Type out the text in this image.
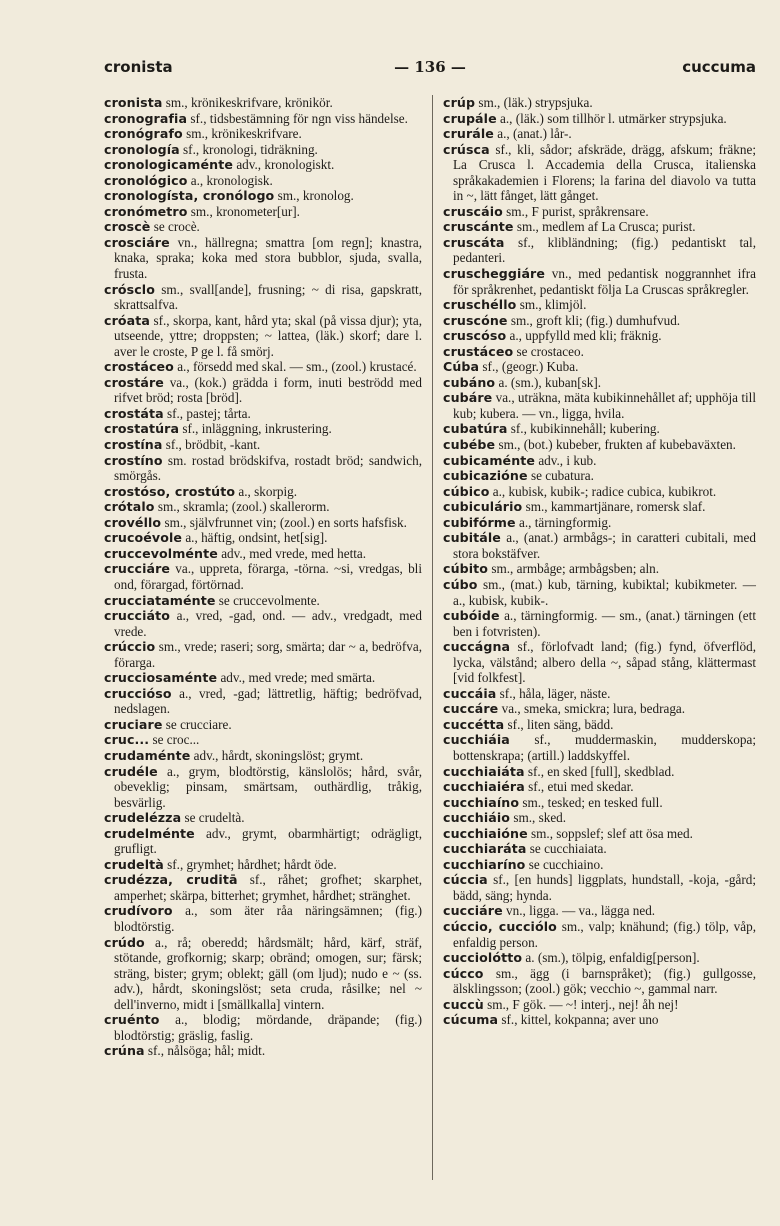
cronista	— 136 —	cuccuma

cronista sm., krönikeskrifvare, krönikör.

cronografia sf., tidsbestämning för ngn viss händelse.

cronógrafo sm., krönikeskrifvare.

cronología sf., kronologi, tidräkning.

cronologicaménte adv., kronologiskt.

cronológico a., kronologisk.

cronologísta, cronólogo sm., kronolog.

cronómetro sm., kronometer[ur].

croscè se crocè.

crosciáre vn., hällregna; smattra [om regn]; knastra, knaka, spraka; koka med stora bubblor, sjuda, svalla, frusta.

crósclo sm., svall[ande], frusning; ~ di risa, gapskratt, skrattsalfva.

cróata sf., skorpa, kant, hård yta; skal (på vissa djur); yta, utseende, yttre; droppsten; ~ lattea, (läk.) skorf; dare l. aver le croste, P ge l. få smörj.

crostáceo a., försedd med skal. — sm., (zool.) krustacé.

crostáre va., (kok.) grädda i form, inuti beströdd med rifvet bröd; rosta [bröd].

crostáta sf., pastej; tårta.

crostatúra sf., inläggning, inkrustering.

crostína sf., brödbit, -kant.

crostíno sm. rostad brödskifva, rostadt bröd; sandwich, smörgås.

crostóso, crostúto a., skorpig.

crótalo sm., skramla; (zool.) skallerorm.

crovéllo sm., självfrunnet vin; (zool.) en sorts hafsfisk.

crucoévole a., häftig, ondsint, het[sig].

cruccevolménte adv., med vrede, med hetta.

crucciáre va., uppreta, förarga, -törna. ~si, vredgas, bli ond, förargad, förtörnad.

crucciataménte se cruccevolmente.

crucciáto a., vred, -gad, ond. — adv., vredgadt, med vrede.

crúccio sm., vrede; raseri; sorg, smärta; dar ~ a, bedröfva, förarga.

crucciosaménte adv., med vrede; med smärta.

crucciósо a., vred, -gad; lättretlig, häftig; bedröfvad, nedslagen.

cruciare se crucciare.

cruc... se croc...

crudaménte adv., hårdt, skoningslöst; grymt.

crudéle a., grym, blodtörstig, känslolös; hård, svår, obeveklig; pinsam, smärtsam, outhärdlig, tråkig, besvärlig.

crudelézza se crudeltà.

crudelménte adv., grymt, obarmhärtigt; odrägligt, grufligt.

crudeltà sf., grymhet; hårdhet; hårdt öde.

crudézza, cruditā sf., råhet; grofhet; skarphet, amperhet; skärpa, bitterhet; grymhet, hårdhet; stränghet.

crudívoro a., som äter råa näringsämnen; (fig.) blodtörstig.

crúdo a., rå; oberedd; hårdsmält; hård, kärf, sträf, stötande, grofkornig; skarp; obränd; omogen, sur; färsk; sträng, bister; grym; oblekt; gäll (om ljud); nudo e ~ (ss. adv.), hårdt, skoningslöst; seta cruda, råsilke; nel ~ dell'inverno, midt i [smällkalla] vintern.

cruénto a., blodig; mördande, dräpande; (fig.) blodtörstig; gräslig, faslig.

crúna sf., nålsöga; hål; midt.

crúp sm., (läk.) strypsjuka.

crupále a., (läk.) som tillhör l. utmärker strypsjuka.

crurále a., (anat.) lår-.

crúsca sf., kli, sådor; afskräde, drägg, afskum; fräkne; La Crusca l. Accademia della Crusca, italienska språkakademien i Florens; la farina del diavolo va tutta in ~, lätt fånget, lätt gånget.

cruscáio sm., F purist, språkrensare.

cruscánte sm., medlem af La Crusca; purist.

cruscáta sf., klibländning; (fig.) pedantiskt tal, pedanteri.

cruscheggiáre vn., med pedantisk noggrannhet ifra för språkrenhet, pedantiskt följa La Cruscas språkregler.

cruschéllo sm., klimjöl.

cruscóne sm., groft kli; (fig.) dumhufvud.

cruscóso a., uppfylld med kli; fräknig.

crustáceo se crostaceo.

Cúba sf., (geogr.) Kuba.

cubáno a. (sm.), kuban[sk].

cubáre va., uträkna, mäta kubikinnehållet af; upphöja till kub; kubera. — vn., ligga, hvila.

cubatúra sf., kubikinnehåll; kubering.

cubébe sm., (bot.) kubeber, frukten af kubebaväxten.

cubicaménte adv., i kub.

cubicazióne se cubatura.

cúbico a., kubisk, kubik-; radice cubica, kubikrot.

cubiculário sm., kammartjänare, romersk slaf.

cubifórme a., tärningformig.

cubitále a., (anat.) armbågs-; in caratteri cubitali, med stora bokstäfver.

cúbito sm., armbåge; armbågsben; aln.

cúbo sm., (mat.) kub, tärning, kubiktal; kubikmeter. — a., kubisk, kubik-.

cubóide a., tärningformig. — sm., (anat.) tärningen (ett ben i fotvristen).

cuccágna sf., förlofvadt land; (fig.) fynd, öfverflöd, lycka, välstånd; albero della ~, såpad stång, klättermast [vid folkfest].

cuccáia sf., håla, läger, näste.

cuccáre va., smeka, smickra; lura, bedraga.

cuccétta sf., liten säng, bädd.

cucchiáia sf., muddermaskin, mudderskopa; bottenskrapa; (artill.) laddskyffel.

cucchiaiáta sf., en sked [full], skedblad.

cucchiaiéra sf., etui med skedar.

cucchiaíno sm., tesked; en tesked full.

cucchiáio sm., sked.

cucchiaióne sm., soppslef; slef att ösa med.

cucchiaráta se cucchiaiata.

cucchiaríno se cucchiaino.

cúccia sf., [en hunds] liggplats, hundstall, -koja, -gård; bädd, säng; hynda.

cucciáre vn., ligga. — va., lägga ned.

cúccio, cucciólo sm., valp; knähund; (fig.) tölp, våp, enfaldig person.

cucciolótto a. (sm.), tölpig, enfaldig[person].

cúcco sm., ägg (i barnspråket); (fig.) gullgosse, älsklingsson; (zool.) gök; vecchio ~, gammal narr.

cuccù sm., F gök. — ~! interj., nej! åh nej!

cúcuma sf., kittel, kokpanna; aver uno
